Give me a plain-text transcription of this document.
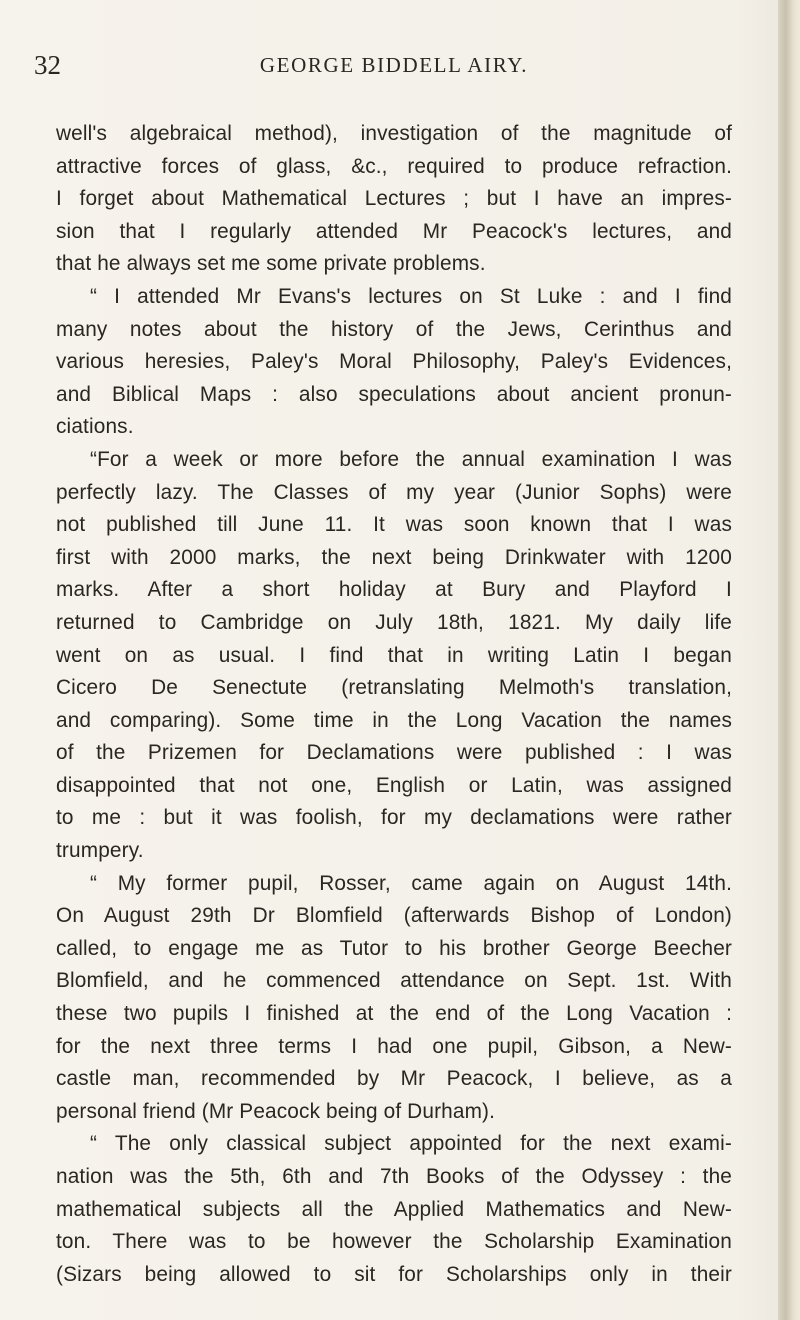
32	GEORGE BIDDELL AIRY.
well's algebraical method), investigation of the magnitude of
attractive forces of glass, &c., required to produce refraction.
I forget about Mathematical Lectures ; but I have an impres-
sion that I regularly attended Mr Peacock's lectures, and
that he always set me some private problems.
“ I attended Mr Evans's lectures on St Luke : and I find
many notes about the history of the Jews, Cerinthus and
various heresies, Paley's Moral Philosophy, Paley's Evidences,
and Biblical Maps : also speculations about ancient pronun-
ciations.
“For a week or more before the annual examination I was
perfectly lazy. The Classes of my year (Junior Sophs) were
not published till June 11. It was soon known that I was
first with 2000 marks, the next being Drinkwater with 1200
marks. After a short holiday at Bury and Playford I
returned to Cambridge on July 18th, 1821. My daily life
went on as usual. I find that in writing Latin I began
Cicero De Senectute (retranslating Melmoth's translation,
and comparing). Some time in the Long Vacation the names
of the Prizemen for Declamations were published : I was
disappointed that not one, English or Latin, was assigned
to me : but it was foolish, for my declamations were rather
trumpery.
“ My former pupil, Rosser, came again on August 14th.
On August 29th Dr Blomfield (afterwards Bishop of London)
called, to engage me as Tutor to his brother George Beecher
Blomfield, and he commenced attendance on Sept. 1st. With
these two pupils I finished at the end of the Long Vacation :
for the next three terms I had one pupil, Gibson, a New-
castle man, recommended by Mr Peacock, I believe, as a
personal friend (Mr Peacock being of Durham).
“ The only classical subject appointed for the next exami-
nation was the 5th, 6th and 7th Books of the Odyssey : the
mathematical subjects all the Applied Mathematics and New-
ton. There was to be however the Scholarship Examination
(Sizars being allowed to sit for Scholarships only in their
